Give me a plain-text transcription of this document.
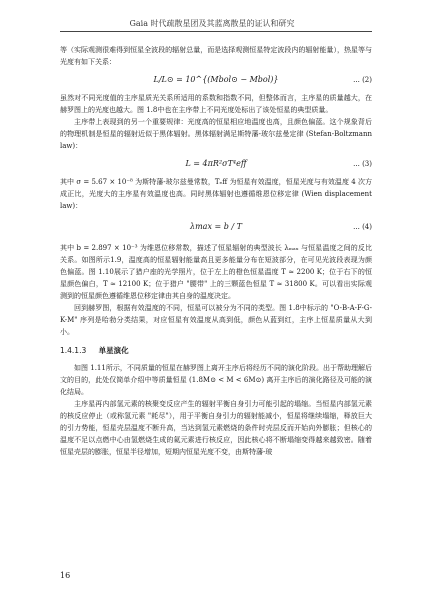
Gaia 时代疏散星团及其蓝离散星的证认和研究

等（实际观测很难得到恒星全波段的辐射总量，而是选择观测恒星特定波段内的辐射能量），热星等与光度有如下关系：

L/L⊙ = 10^{(Mbol⊙ − Mbol)}	... (2)

虽然对不同光度值的主序星质光关系所适用的系数和指数不同，但整体而言，主序星的质量越大，在赫罗图上的光度也越大。图 1.8中也在主序带上不同光度处标出了该处恒星的典型质量。

主序带上表现到的另一个重要规律：光度高的恒星相应地温度也高，且颜色偏蓝。这个规象背后的物理机制是恒星的辐射近似于黑体辐射。黑体辐射满足斯特藩-玻尔兹曼定律 (Stefan-Boltzmann law)：

L = 4πR²σT⁴eff	... (3)

其中 σ = 5.67 × 10⁻⁸ 为斯特藩-玻尔兹曼常数，Tₑff 为恒星有效温度，恒星光度与有效温度 4 次方成正比，光度大的主序星有效温度也高。同时黑体辐射也遵循维恩位移定律 (Wien displacement law)：

λmax = b / T	... (4)

其中 b = 2.897 × 10⁻³ 为维恩位移常数，描述了恒星辐射的典型波长 λₘₐₓ 与恒星温度之间的反比关系。如图所示1.9，温度高的恒星辐射能量高且更多能量分布在短波部分，在可见光波段表现为颜色偏蓝。图 1.10展示了猎户座的光学照片，位于左上的橙色恒星温度 T ≈ 2200 K；位于右下的恒星颜色偏白，T ≈ 12100 K；位于猎户 "腰带" 上的三颗蓝色恒星 T ≈ 31800 K。可以看出实际观测到的恒星颜色遵循维恩位移定律由其自身的温度决定。

回到赫罗图，根据有效温度的不同，恒星可以被分为不同的类型。图 1.8中标示的 "O-B-A-F-G-K-M" 序列是哈勃分类结果，对应恒星有效温度从高到低，颜色从蓝到红，主序上恒星质量从大到小。

1.4.1.3 单星演化

如图 1.11所示，不同质量的恒星在赫罗图上离开主序后将经历不同的演化阶段。出于帮助理解后文的目的，此处仅简单介绍中等质量恒星 (1.8M⊙ < M < 6M⊙) 离开主序后的演化路径及可能的演化结局。

主序星再内部氢元素的核聚变反应产生的辐射平衡自身引力可能引起的塌缩。当恒星内部氢元素的核反应停止（或称氢元素 "耗尽"），用于平衡自身引力的辐射能减小，恒星将继续塌缩，释放巨大的引力势能，恒星壳层温度不断升高，当达到氢元素燃烧的条件时壳层反而开始向外膨胀；但核心的温度不足以点燃中心由氢燃烧生成的氦元素进行核反应，因此核心将不断塌缩变得越来越致密。随着恒星壳层的膨胀，恒星半径增加，短期内恒星光度不变，由斯特藩-玻

16
